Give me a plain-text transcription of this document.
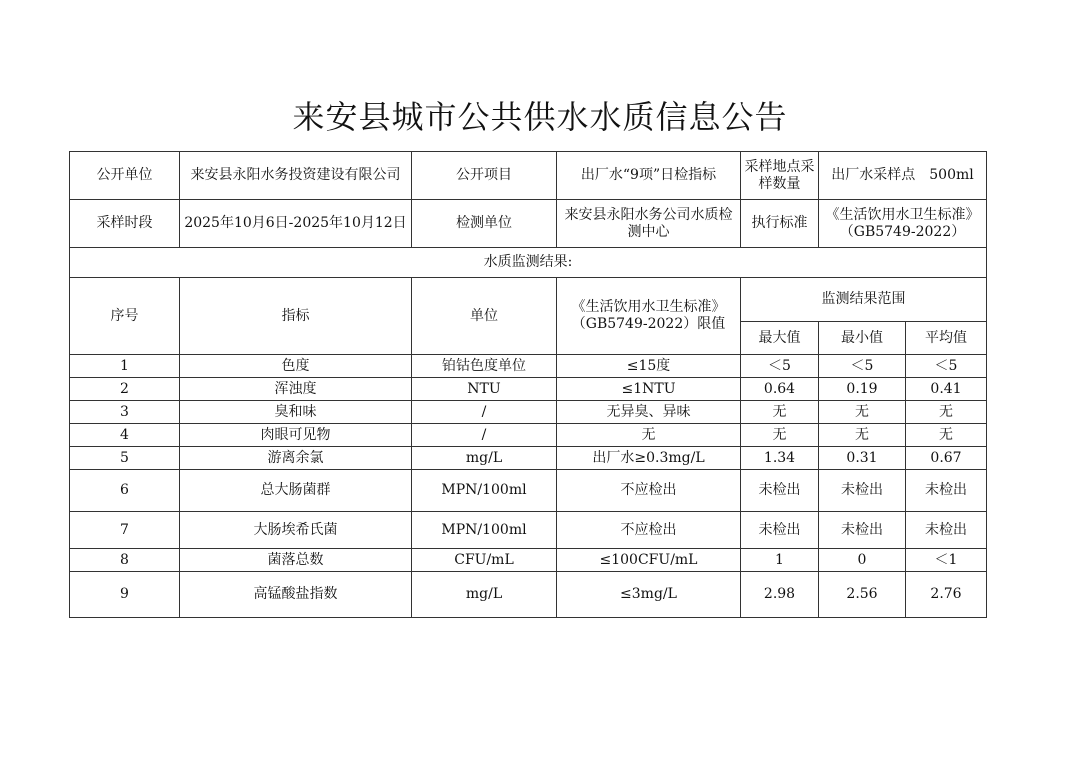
来安县城市公共供水水质信息公告
公开单位	来安县永阳水务投资建设有限公司	公开项目	出厂水“9项”日检指标	采样地点采样数量	出厂水采样点　500ml	
采样时段	2025年10月6日-2025年10月12日	检测单位	来安县永阳水务公司水质检测中心	执行标准	《生活饮用水卫生标准》（GB5749-2022）	
水质监测结果:						
序号	指标	单位	《生活饮用水卫生标准》（GB5749-2022）限值	监测结果范围		
				最大值	最小值	平均值
1	色度	铂钴色度单位	≤15度	＜5	＜5	＜5
2	浑浊度	NTU	≤1NTU	0.64	0.19	0.41
3	臭和味	/	无异臭、异味	无	无	无
4	肉眼可见物	/	无	无	无	无
5	游离余氯	mg/L	出厂水≥0.3mg/L	1.34	0.31	0.67
6	总大肠菌群	MPN/100ml	不应检出	未检出	未检出	未检出
7	大肠埃希氏菌	MPN/100ml	不应检出	未检出	未检出	未检出
8	菌落总数	CFU/mL	≤100CFU/mL	1	0	＜1
9	高锰酸盐指数	mg/L	≤3mg/L	2.98	2.56	2.76
